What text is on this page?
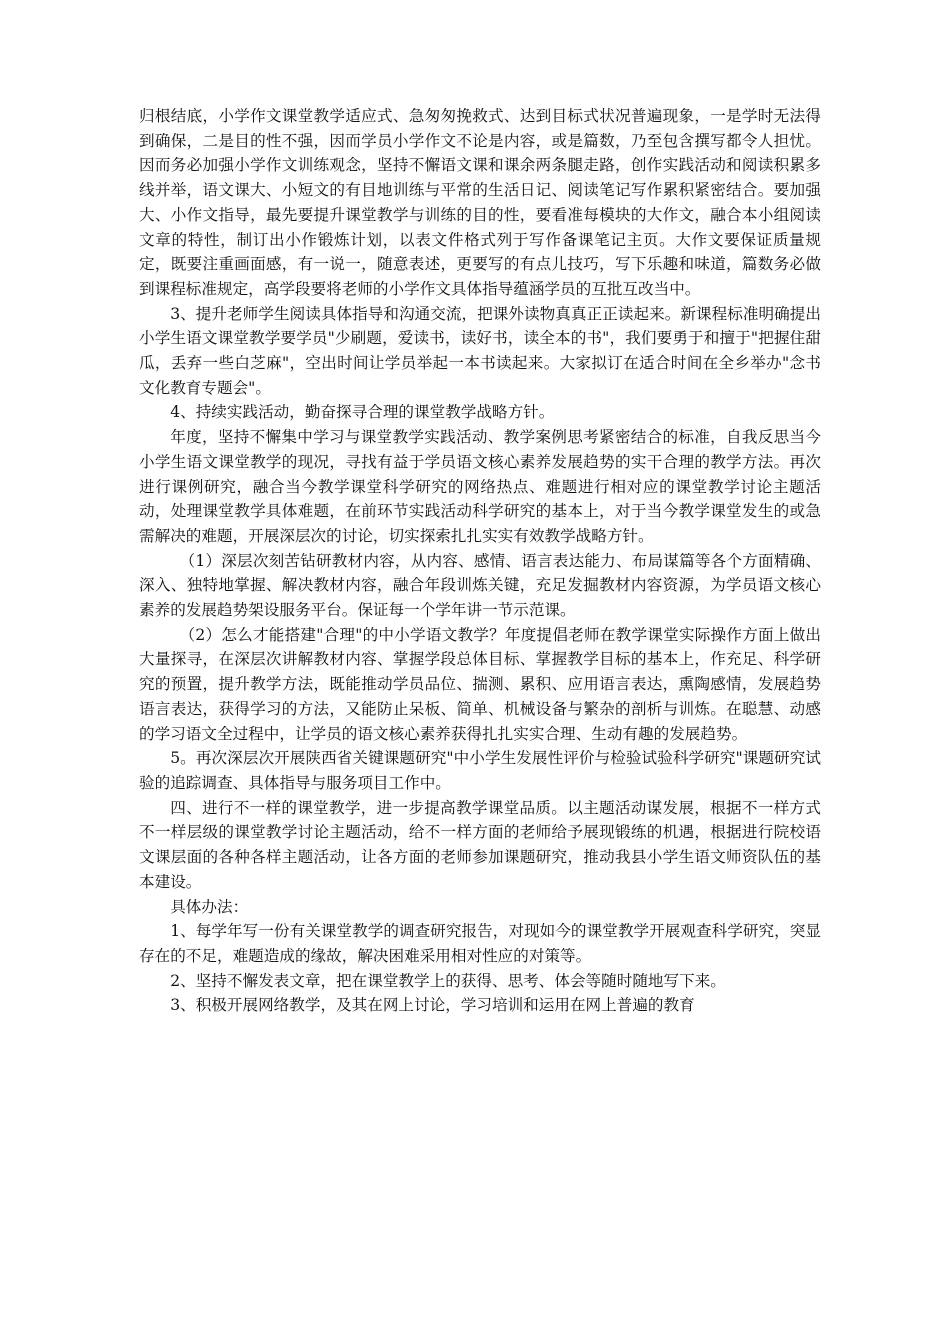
归根结底，小学作文课堂教学适应式、急匆匆挽救式、达到目标式状况普遍现象，一是学时无法得到确保，二是目的性不强，因而学员小学作文不论是内容，或是篇数，乃至包含撰写都令人担忧。因而务必加强小学作文训练观念，坚持不懈语文课和课余两条腿走路，创作实践活动和阅读积累多线并举，语文课大、小短文的有目地训练与平常的生活日记、阅读笔记写作累积紧密结合。要加强大、小作文指导，最先要提升课堂教学与训练的目的性，要看准每模块的大作文，融合本小组阅读文章的特性，制订出小作锻炼计划，以表文件格式列于写作备课笔记主页。大作文要保证质量规定，既要注重画面感，有一说一，随意表述，更要写的有点儿技巧，写下乐趣和味道，篇数务必做到课程标准规定，高学段要将老师的小学作文具体指导蕴涵学员的互批互改当中。

3、提升老师学生阅读具体指导和沟通交流，把课外读物真真正正读起来。新课程标准明确提出小学生语文课堂教学要学员"少刷题，爱读书，读好书，读全本的书"，我们要勇于和擅于"把握住甜瓜，丢弃一些白芝麻"，空出时间让学员举起一本书读起来。大家拟订在适合时间在全乡举办"念书文化教育专题会"。

4、持续实践活动，勤奋探寻合理的课堂教学战略方针。

年度，坚持不懈集中学习与课堂教学实践活动、教学案例思考紧密结合的标准，自我反思当今小学生语文课堂教学的现况，寻找有益于学员语文核心素养发展趋势的实干合理的教学方法。再次进行课例研究，融合当今教学课堂科学研究的网络热点、难题进行相对应的课堂教学讨论主题活动，处理课堂教学具体难题，在前环节实践活动科学研究的基本上，对于当今教学课堂发生的或急需解决的难题，开展深层次的讨论，切实探索扎扎实实有效教学战略方针。

（1）深层次刻苦钻研教材内容，从内容、感情、语言表达能力、布局谋篇等各个方面精确、深入、独特地掌握、解决教材内容，融合年段训炼关键，充足发掘教材内容资源，为学员语文核心素养的发展趋势架设服务平台。保证每一个学年讲一节示范课。

（2）怎么才能搭建"合理"的中小学语文教学？年度提倡老师在教学课堂实际操作方面上做出大量探寻，在深层次讲解教材内容、掌握学段总体目标、掌握教学目标的基本上，作充足、科学研究的预置，提升教学方法，既能推动学员品位、揣测、累积、应用语言表达，熏陶感情，发展趋势语言表达，获得学习的方法，又能防止呆板、简单、机械设备与繁杂的剖析与训炼。在聪慧、动感的学习语文全过程中，让学员的语文核心素养获得扎扎实实合理、生动有趣的发展趋势。

5。再次深层次开展陕西省关键课题研究"中小学生发展性评价与检验试验科学研究"课题研究试验的追踪调查、具体指导与服务项目工作中。

四、进行不一样的课堂教学，进一步提高教学课堂品质。以主题活动谋发展，根据不一样方式不一样层级的课堂教学讨论主题活动，给不一样方面的老师给予展现锻练的机遇，根据进行院校语文课层面的各种各样主题活动，让各方面的老师参加课题研究，推动我县小学生语文师资队伍的基本建设。

具体办法：

1、每学年写一份有关课堂教学的调查研究报告，对现如今的课堂教学开展观查科学研究，突显存在的不足，难题造成的缘故，解决困难采用相对性应的对策等。

2、坚持不懈发表文章，把在课堂教学上的获得、思考、体会等随时随地写下来。

3、积极开展网络教学，及其在网上讨论，学习培训和运用在网上普遍的教育
